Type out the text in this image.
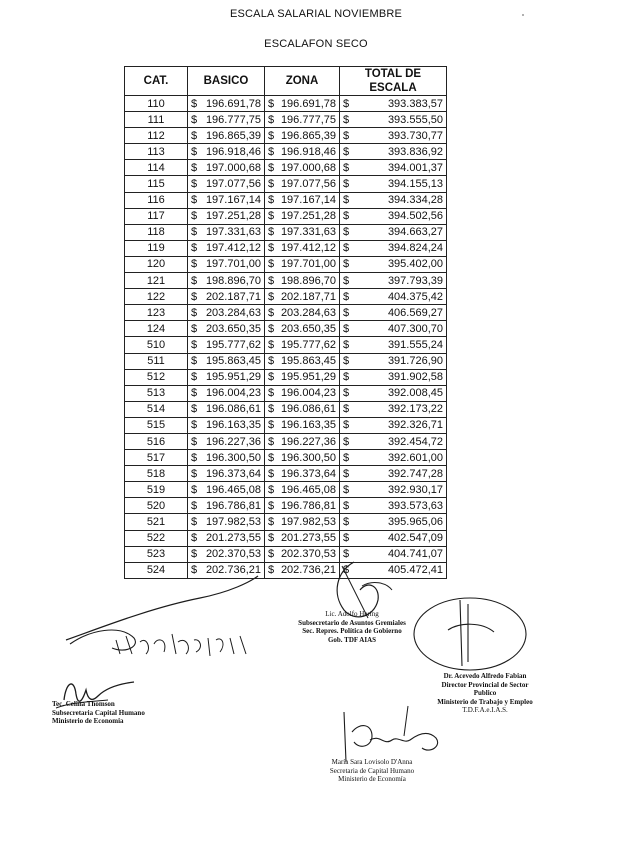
ESCALA SALARIAL NOVIEMBRE
ESCALAFON SECO
CAT.	BASICO	ZONA	TOTAL DE ESCALA
110	$ 196.691,78	$ 196.691,78	$ 393.383,57

111	$ 196.777,75	$ 196.777,75	$ 393.555,50

112	$ 196.865,39	$ 196.865,39	$ 393.730,77

113	$ 196.918,46	$ 196.918,46	$ 393.836,92

114	$ 197.000,68	$ 197.000,68	$ 394.001,37

115	$ 197.077,56	$ 197.077,56	$ 394.155,13

116	$ 197.167,14	$ 197.167,14	$ 394.334,28

117	$ 197.251,28	$ 197.251,28	$ 394.502,56

118	$ 197.331,63	$ 197.331,63	$ 394.663,27

119	$ 197.412,12	$ 197.412,12	$ 394.824,24

120	$ 197.701,00	$ 197.701,00	$ 395.402,00

121	$ 198.896,70	$ 198.896,70	$ 397.793,39

122	$ 202.187,71	$ 202.187,71	$ 404.375,42

123	$ 203.284,63	$ 203.284,63	$ 406.569,27

124	$ 203.650,35	$ 203.650,35	$ 407.300,70

510	$ 195.777,62	$ 195.777,62	$ 391.555,24

511	$ 195.863,45	$ 195.863,45	$ 391.726,90

512	$ 195.951,29	$ 195.951,29	$ 391.902,58

513	$ 196.004,23	$ 196.004,23	$ 392.008,45

514	$ 196.086,61	$ 196.086,61	$ 392.173,22

515	$ 196.163,35	$ 196.163,35	$ 392.326,71

516	$ 196.227,36	$ 196.227,36	$ 392.454,72

517	$ 196.300,50	$ 196.300,50	$ 392.601,00

518	$ 196.373,64	$ 196.373,64	$ 392.747,28

519	$ 196.465,08	$ 196.465,08	$ 392.930,17

520	$ 196.786,81	$ 196.786,81	$ 393.573,63

521	$ 197.982,53	$ 197.982,53	$ 395.965,06

522	$ 201.273,55	$ 201.273,55	$ 402.547,09

523	$ 202.370,53	$ 202.370,53	$ 404.741,07

524	$ 202.736,21	$ 202.736,21	$ 405.472,41
Tec. Celina Thomson
Subsecretaria Capital Humano
Ministerio de Economia
Lic. Adolfo Hering
Subsecretario de Asuntos Gremiales
Sec. Repres. Política de Gobierno
Gob. TDF AIAS
Dr. Acevedo Alfredo Fabian
Director Provincial de Sector Publico
Ministerio de Trabajo y Empleo
T.D.F.A.e.I.A.S.
María Sara Lovisolo D'Anna
Secretaria de Capital Humano
Ministerio de Economía
